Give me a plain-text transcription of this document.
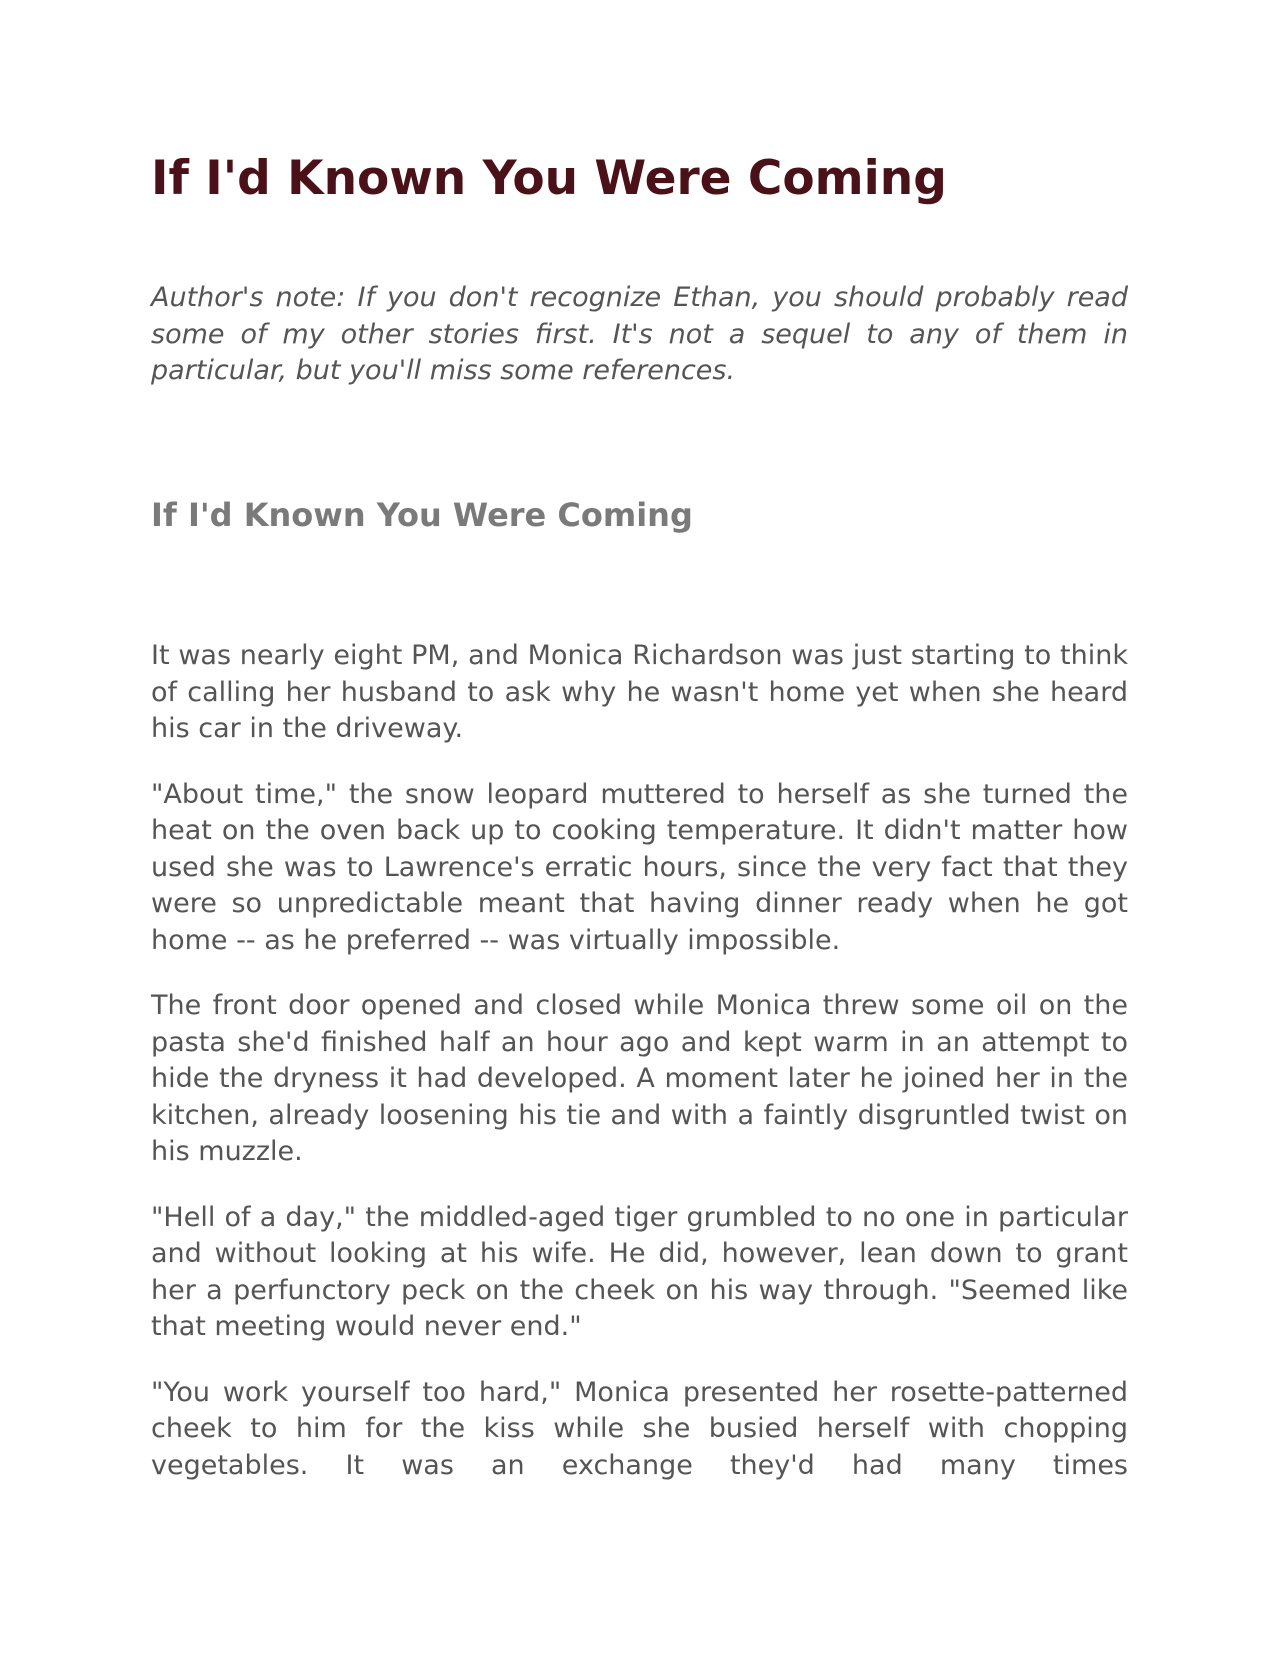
If I'd Known You Were Coming

Author's note: If you don't recognize Ethan, you should probably read some of my other stories first. It's not a sequel to any of them in particular, but you'll miss some references.

If I'd Known You Were Coming

It was nearly eight PM, and Monica Richardson was just starting to think of calling her husband to ask why he wasn't home yet when she heard his car in the driveway.

"About time," the snow leopard muttered to herself as she turned the heat on the oven back up to cooking temperature. It didn't matter how used she was to Lawrence's erratic hours, since the very fact that they were so unpredictable meant that having dinner ready when he got home -- as he preferred -- was virtually impossible.

The front door opened and closed while Monica threw some oil on the pasta she'd finished half an hour ago and kept warm in an attempt to hide the dryness it had developed. A moment later he joined her in the kitchen, already loosening his tie and with a faintly disgruntled twist on his muzzle.

"Hell of a day," the middled-aged tiger grumbled to no one in particular and without looking at his wife. He did, however, lean down to grant her a perfunctory peck on the cheek on his way through. "Seemed like that meeting would never end."

"You work yourself too hard," Monica presented her rosette-patterned cheek to him for the kiss while she busied herself with chopping vegetables. It was an exchange they'd had many times
